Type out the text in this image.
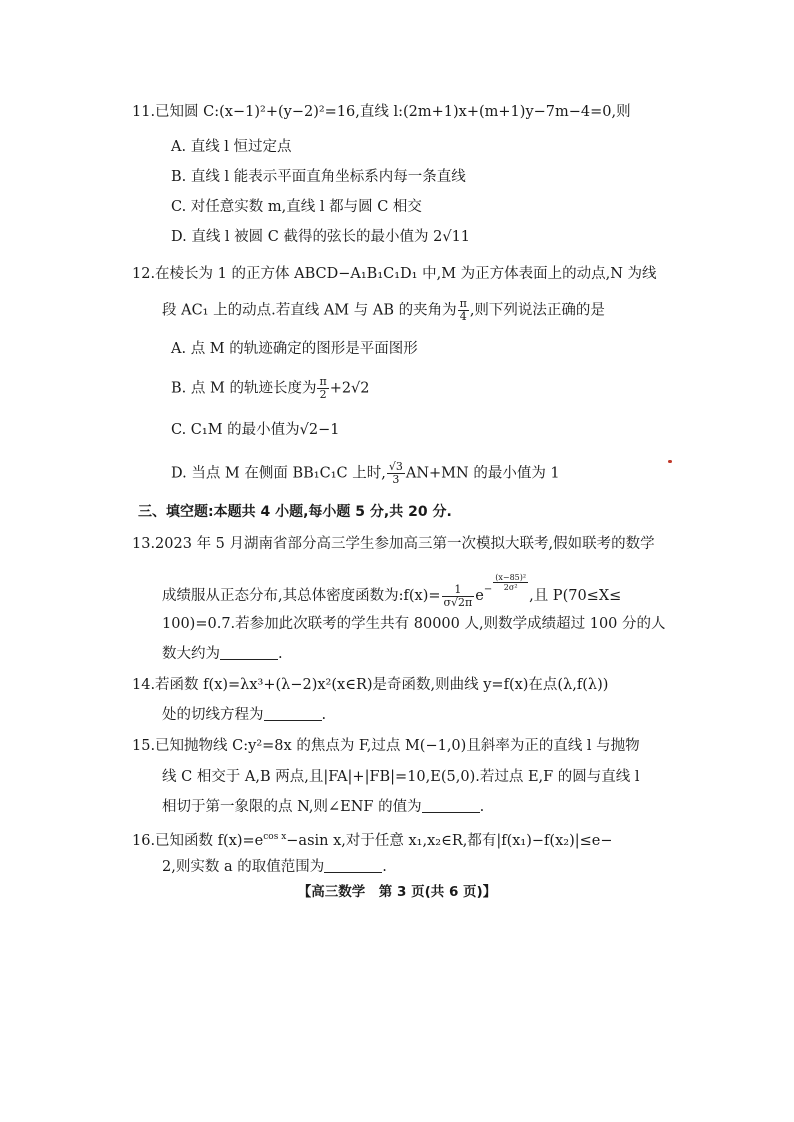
11.已知圆 C:(x−1)²+(y−2)²=16,直线 l:(2m+1)x+(m+1)y−7m−4=0,则
A. 直线 l 恒过定点
B. 直线 l 能表示平面直角坐标系内每一条直线
C. 对任意实数 m,直线 l 都与圆 C 相交
D. 直线 l 被圆 C 截得的弦长的最小值为 2√11
12.在棱长为 1 的正方体 ABCD−A₁B₁C₁D₁ 中,M 为正方体表面上的动点,N 为线
段 AC₁ 上的动点.若直线 AM 与 AB 的夹角为 $\frac{\pi}{4}$ ,则下列说法正确的是
A. 点 M 的轨迹确定的图形是平面图形
B. 点 M 的轨迹长度为 $\frac{\pi}{2} +2√2$
C. C₁M 的最小值为√2−1
D. 当点 M 在侧面 BB₁C₁C 上时, $\frac{√3}{3} AN+MN$ 的最小值为 1
三、填空题:本题共 4 小题,每小题 5 分,共 20 分.
13.2023 年 5 月湖南省部分高三学生参加高三第一次模拟大联考,假如联考的数学
成绩服从正态分布,其总体密度函数为:f(x)= $\frac{1}{\sigma√2\pi} e^- \frac{\text{(x−85)²}}{\text{2σ²}}$
,且 P(70≤X≤
100)=0.7.若参加此次联考的学生共有 80000 人,则数学成绩超过 100 分的人
数大约为	.
14.若函数 f(x)=λx³+(λ−2)x²(x∈R)是奇函数,则曲线 y=f(x)在点(λ,f(λ))
处的切线方程为	.
15.已知抛物线 C:y²=8x 的焦点为 F,过点 M(−1,0)且斜率为正的直线 l 与抛物
线 C 相交于 A,B 两点,且|FA|+|FB|=10,E(5,0).若过点 E,F 的圆与直线 l
相切于第一象限的点 N,则∠ENF 的值为	.
16.已知函数 $f(x)=e^{cos x}-asin$ x,对于任意 x₁,x₂∈R,都有|f(x₁)−f(x₂)|≤e−
2,则实数 a 的取值范围为	.
【高三数学　第 3 页(共 6 页)】
